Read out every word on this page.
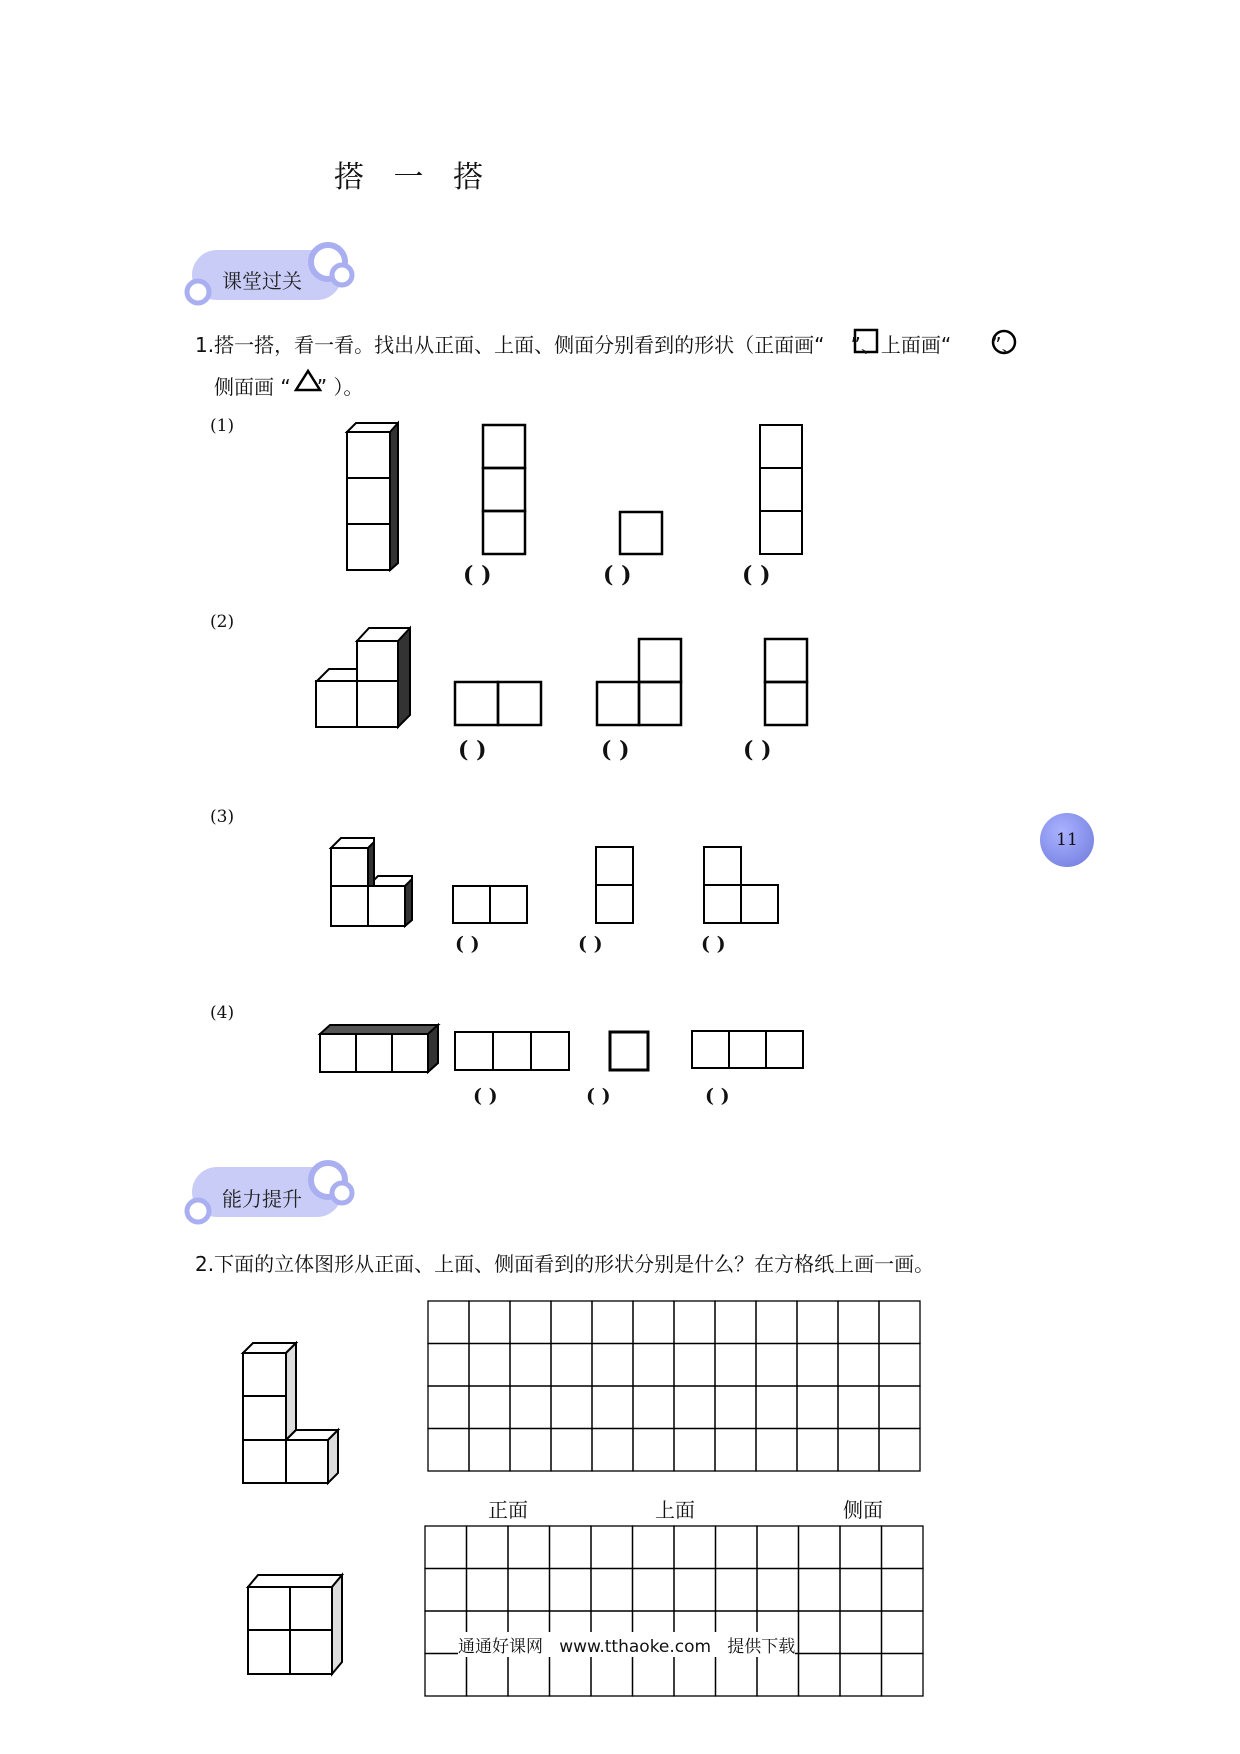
搭 一 搭
课堂过关
能力提升
1.搭一搭，看一看。找出从正面、上面、侧面分别看到的形状（正面画“ ”、上面画“ ”、
侧面画 “ ” ）。
(1)
(2)
(3)
(4)
( )	( )	( )
( )	( )	( )
( )	( )	( )
( )	( )	( )
11
2.下面的立体图形从正面、上面、侧面看到的形状分别是什么？在方格纸上画一画。
正面	上面	侧面
通通好课网   www.tthaoke.com   提供下载
